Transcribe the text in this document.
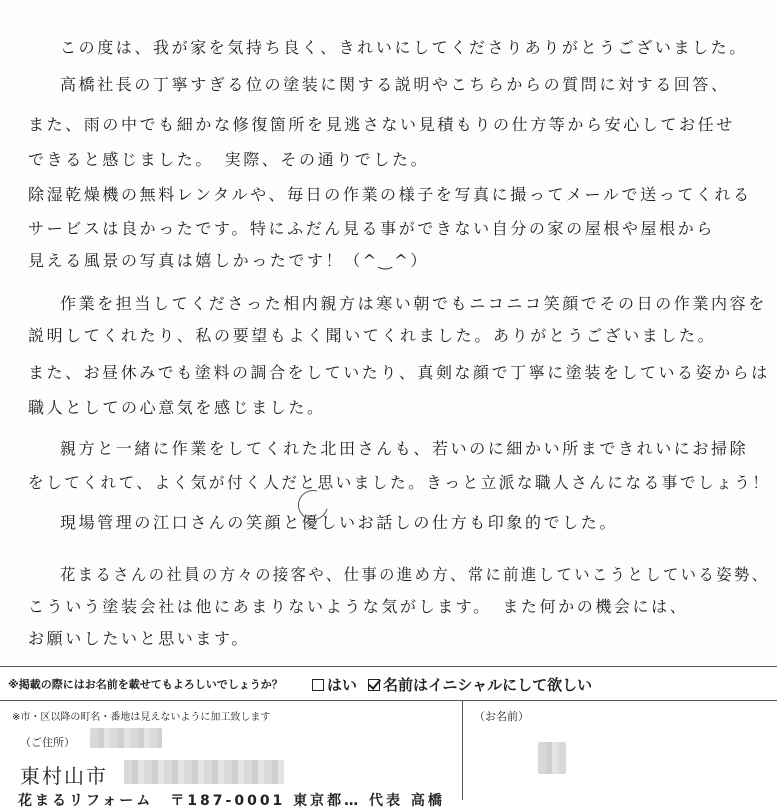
この度は、我が家を気持ち良く、きれいにしてくださりありがとうございました。
高橋社長の丁寧すぎる位の塗装に関する説明やこちらからの質問に対する回答、
また、雨の中でも細かな修復箇所を見逃さない見積もりの仕方等から安心してお任せ
できると感じました。　実際、その通りでした。
除湿乾燥機の無料レンタルや、毎日の作業の様子を写真に撮ってメールで送ってくれる
サービスは良かったです。特にふだん見る事ができない自分の家の屋根や屋根から
見える風景の写真は嬉しかったです！（^‿^）
作業を担当してくださった相内親方は寒い朝でもニコニコ笑顔でその日の作業内容を
説明してくれたり、私の要望もよく聞いてくれました。ありがとうございました。
また、お昼休みでも塗料の調合をしていたり、真剣な顔で丁寧に塗装をしている姿からは
職人としての心意気を感じました。
親方と一緒に作業をしてくれた北田さんも、若いのに細かい所まできれいにお掃除
をしてくれて、よく気が付く人だと思いました。きっと立派な職人さんになる事でしょう！
現場管理の江口さんの笑顔と優しいお話しの仕方も印象的でした。
花まるさんの社員の方々の接客や、仕事の進め方、常に前進していこうとしている姿勢、
こういう塗装会社は他にあまりないような気がします。　また何かの機会には、
お願いしたいと思います。
※掲載の際にはお名前を載せてもよろしいでしょうか？	はい 名前はイニシャルにして欲しい
※市・区以降の町名・番地は見えないように加工致します
（ご住所）
東村山市
（お名前）
花まるリフォーム　〒187-0001 東京都… 代表 高橋
